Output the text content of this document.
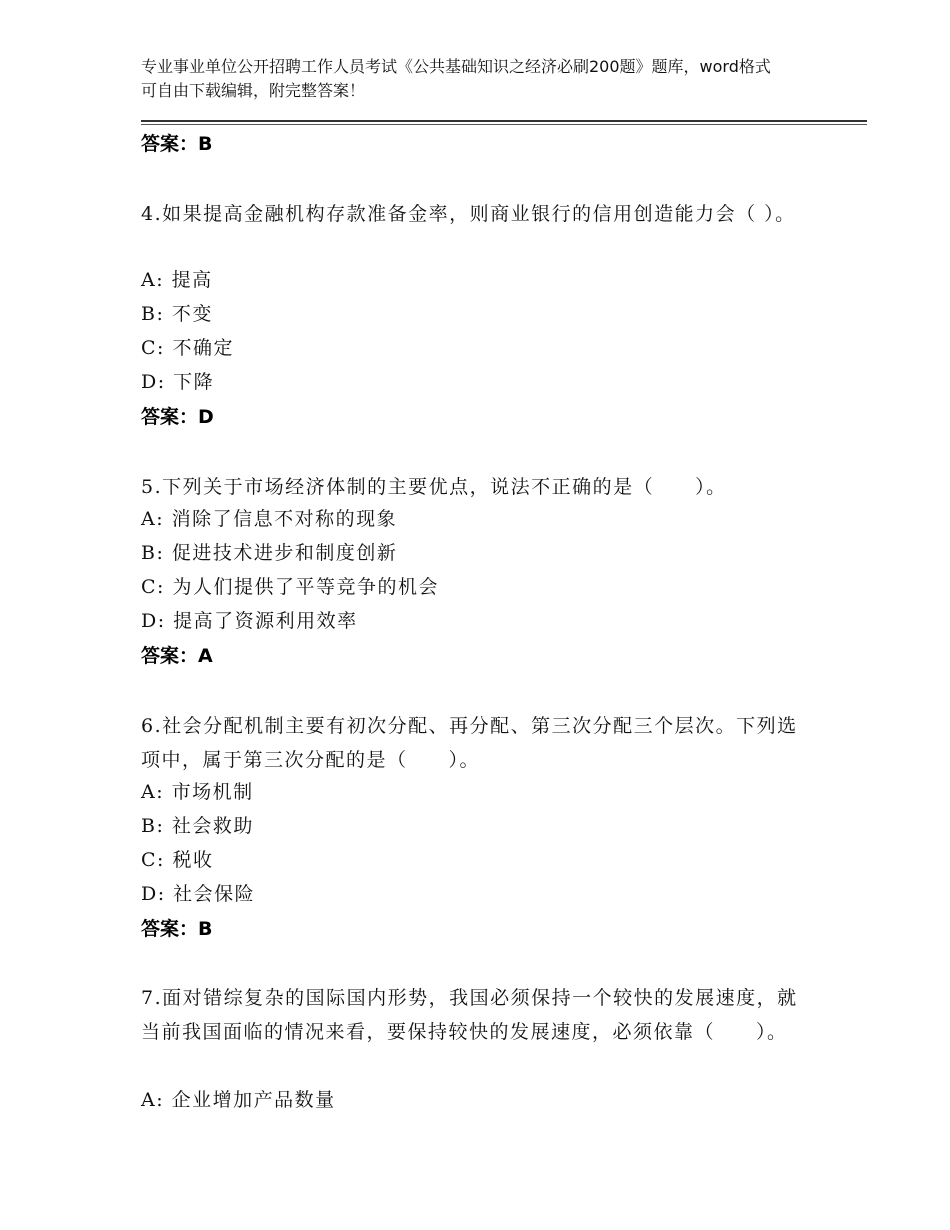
专业事业单位公开招聘工作人员考试《公共基础知识之经济必刷200题》题库，word格式可自由下载编辑，附完整答案！
答案：B
4.如果提高金融机构存款准备金率，则商业银行的信用创造能力会（ ）。
A: 提高
B: 不变
C: 不确定
D: 下降
答案：D
5.下列关于市场经济体制的主要优点，说法不正确的是（　　）。
A: 消除了信息不对称的现象
B: 促进技术进步和制度创新
C: 为人们提供了平等竞争的机会
D: 提高了资源利用效率
答案：A
6.社会分配机制主要有初次分配、再分配、第三次分配三个层次。下列选项中，属于第三次分配的是（　　）。
A: 市场机制
B: 社会救助
C: 税收
D: 社会保险
答案：B
7.面对错综复杂的国际国内形势，我国必须保持一个较快的发展速度，就当前我国面临的情况来看，要保持较快的发展速度，必须依靠（　　）。
A: 企业增加产品数量
